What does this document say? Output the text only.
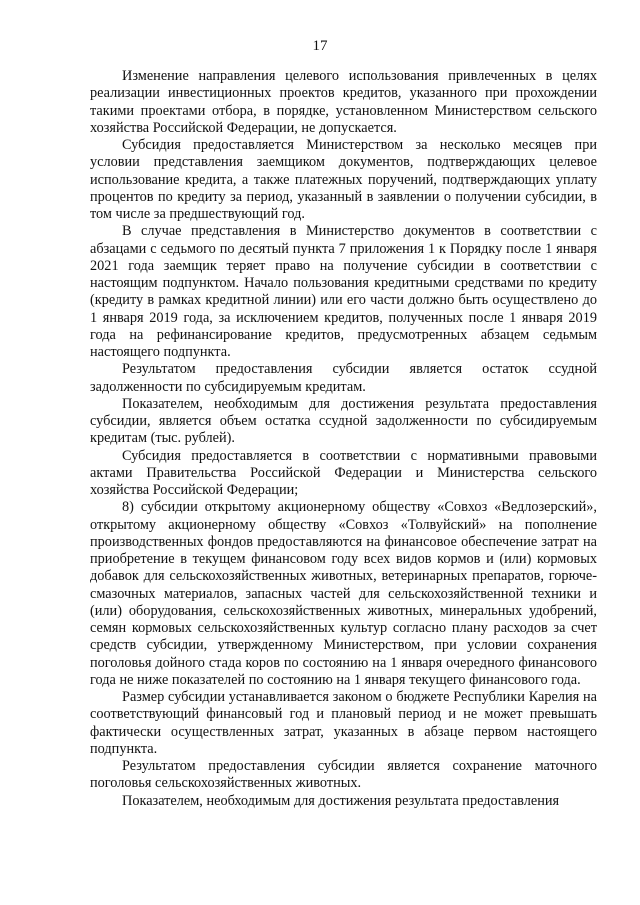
17

Изменение направления целевого использования привлеченных в целях реализации инвестиционных проектов кредитов, указанного при прохождении такими проектами отбора, в порядке, установленном Министерством сельского хозяйства Российской Федерации, не допускается.

Субсидия предоставляется Министерством за несколько месяцев при условии представления заемщиком документов, подтверждающих целевое использование кредита, а также платежных поручений, подтверждающих уплату процентов по кредиту за период, указанный в заявлении о получении субсидии, в том числе за предшествующий год.

В случае представления в Министерство документов в соответствии с абзацами с седьмого по десятый пункта 7 приложения 1 к Порядку после 1 января 2021 года заемщик теряет право на получение субсидии в соответствии с настоящим подпунктом. Начало пользования кредитными средствами по кредиту (кредиту в рамках кредитной линии) или его части должно быть осуществлено до 1 января 2019 года, за исключением кредитов, полученных после 1 января 2019 года на рефинансирование кредитов, предусмотренных абзацем седьмым настоящего подпункта.

Результатом предоставления субсидии является остаток ссудной задолженности по субсидируемым кредитам.

Показателем, необходимым для достижения результата предоставления субсидии, является объем остатка ссудной задолженности по субсидируемым кредитам (тыс. рублей).

Субсидия предоставляется в соответствии с нормативными правовыми актами Правительства Российской Федерации и Министерства сельского хозяйства Российской Федерации;

8) субсидии открытому акционерному обществу «Совхоз «Ведлозерский», открытому акционерному обществу «Совхоз «Толвуйский» на пополнение производственных фондов предоставляются на финансовое обеспечение затрат на приобретение в текущем финансовом году всех видов кормов и (или) кормовых добавок для сельскохозяйственных животных, ветеринарных препаратов, горюче-смазочных материалов, запасных частей для сельскохозяйственной техники и (или) оборудования, сельскохозяйственных животных, минеральных удобрений, семян кормовых сельскохозяйственных культур согласно плану расходов за счет средств субсидии, утвержденному Министерством, при условии сохранения поголовья дойного стада коров по состоянию на 1 января очередного финансового года не ниже показателей по состоянию на 1 января текущего финансового года.

Размер субсидии устанавливается законом о бюджете Республики Карелия на соответствующий финансовый год и плановый период и не может превышать фактически осуществленных затрат, указанных в абзаце первом настоящего подпункта.

Результатом предоставления субсидии является сохранение маточного поголовья сельскохозяйственных животных.

Показателем, необходимым для достижения результата предоставления
